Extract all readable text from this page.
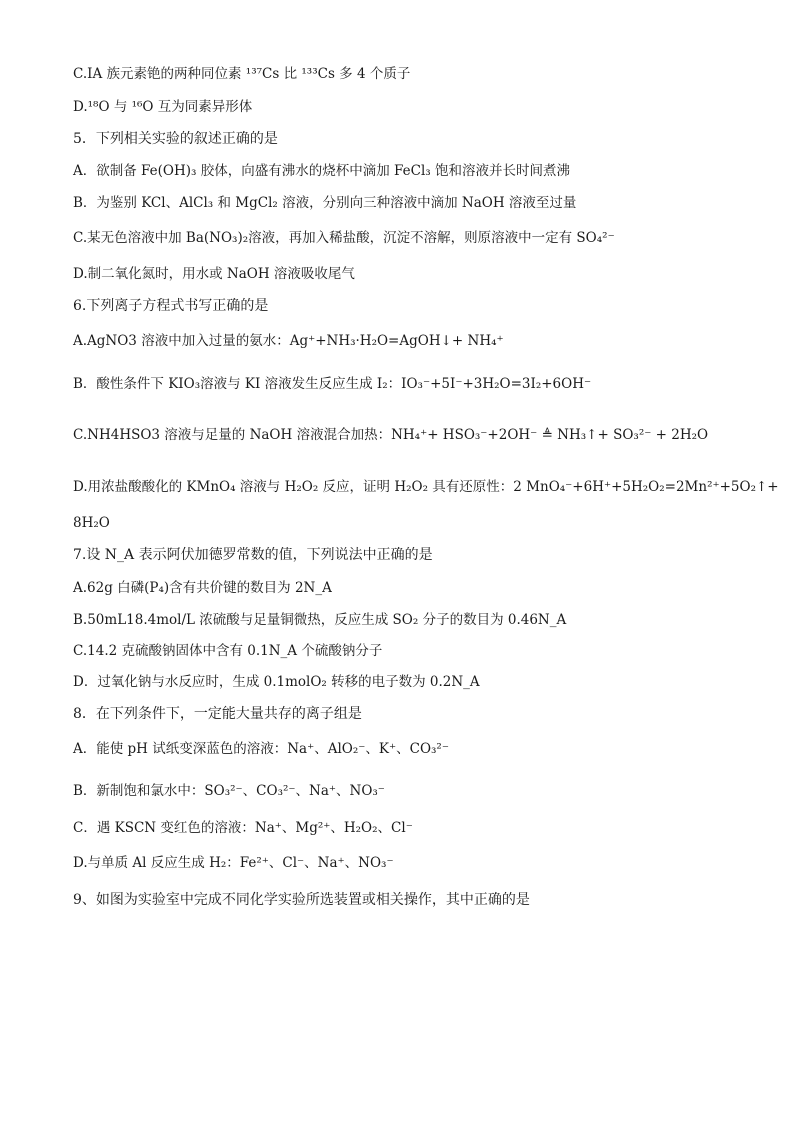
C.IA 族元素铯的两种同位素 ¹³⁷Cs 比 ¹³³Cs 多 4 个质子
D.¹⁸O 与 ¹⁶O 互为同素异形体
5．下列相关实验的叙述正确的是
A．欲制备 Fe(OH)₃ 胶体，向盛有沸水的烧杯中滴加 FeCl₃ 饱和溶液并长时间煮沸
B．为鉴别 KCl、AlCl₃ 和 MgCl₂ 溶液，分别向三种溶液中滴加 NaOH 溶液至过量
C.某无色溶液中加 Ba(NO₃)₂溶液，再加入稀盐酸，沉淀不溶解，则原溶液中一定有 SO₄²⁻
D.制二氧化氮时，用水或 NaOH 溶液吸收尾气
6.下列离子方程式书写正确的是
A.AgNO3 溶液中加入过量的氨水：Ag⁺+NH₃·H₂O=AgOH↓+ NH₄⁺
B．酸性条件下 KIO₃溶液与 KI 溶液发生反应生成 I₂：IO₃⁻+5I⁻+3H₂O=3I₂+6OH⁻
C.NH4HSO3 溶液与足量的 NaOH 溶液混合加热：NH₄⁺+ HSO₃⁻+2OH⁻ ≜ NH₃↑+ SO₃²⁻ + 2H₂O
D.用浓盐酸酸化的 KMnO₄ 溶液与 H₂O₂ 反应，证明 H₂O₂ 具有还原性：2 MnO₄⁻+6H⁺+5H₂O₂=2Mn²⁺+5O₂↑+
8H₂O
7.设 N_A 表示阿伏加德罗常数的值，下列说法中正确的是
A.62g 白磷(P₄)含有共价键的数目为 2N_A
B.50mL18.4mol/L 浓硫酸与足量铜微热，反应生成 SO₂ 分子的数目为 0.46N_A
C.14.2 克硫酸钠固体中含有 0.1N_A 个硫酸钠分子
D．过氧化钠与水反应时，生成 0.1molO₂ 转移的电子数为 0.2N_A
8．在下列条件下，一定能大量共存的离子组是
A．能使 pH 试纸变深蓝色的溶液：Na⁺、AlO₂⁻、K⁺、CO₃²⁻
B．新制饱和氯水中：SO₃²⁻、CO₃²⁻、Na⁺、NO₃⁻
C．遇 KSCN 变红色的溶液：Na⁺、Mg²⁺、H₂O₂、Cl⁻
D.与单质 Al 反应生成 H₂：Fe²⁺、Cl⁻、Na⁺、NO₃⁻
9、如图为实验室中完成不同化学实验所选装置或相关操作，其中正确的是
